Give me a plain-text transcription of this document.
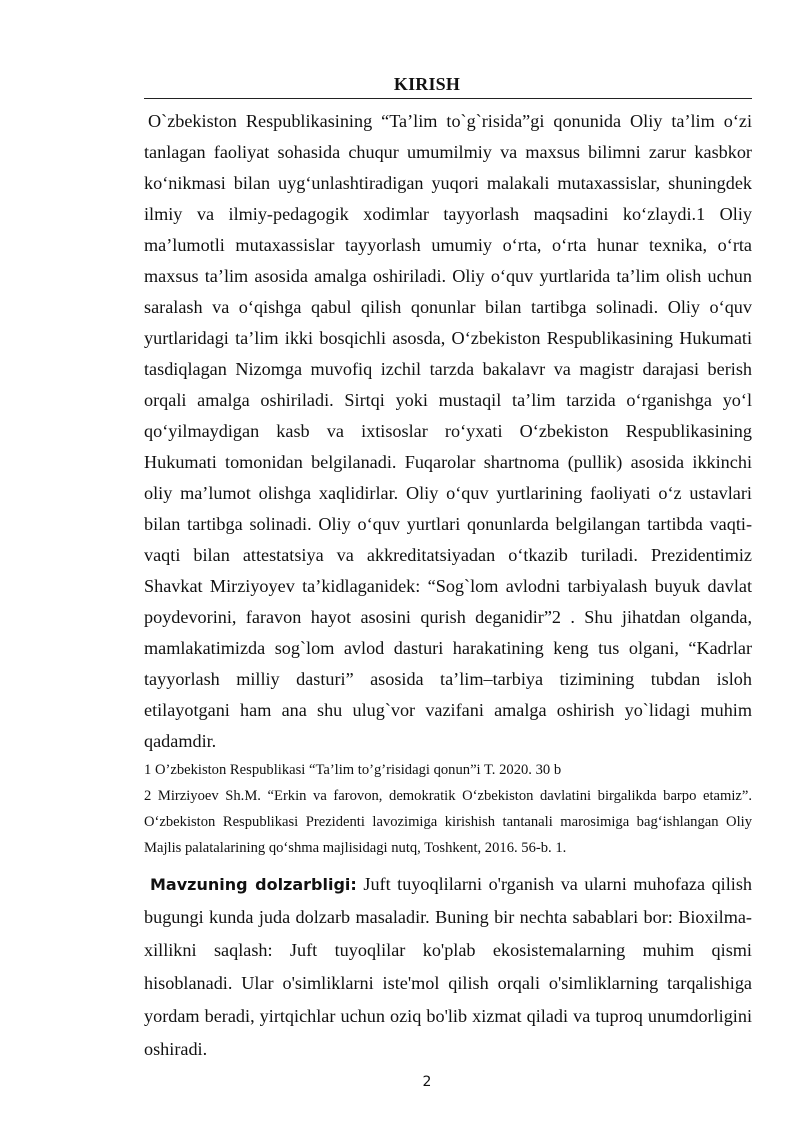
KIRISH

O`zbekiston Respublikasining “Ta’lim to`g`risida”gi qonunida Oliy ta’lim o‘zi tanlagan faoliyat sohasida chuqur umumilmiy va maxsus bilimni zarur kasbkor ko‘nikmasi bilan uyg‘unlashtiradigan yuqori malakali mutaxassislar, shuningdek ilmiy va ilmiy-pedagogik xodimlar tayyorlash maqsadini ko‘zlaydi.1 Oliy ma’lumotli mutaxassislar tayyorlash umumiy o‘rta, o‘rta hunar texnika, o‘rta maxsus ta’lim asosida amalga oshiriladi. Oliy o‘quv yurtlarida ta’lim olish uchun saralash va o‘qishga qabul qilish qonunlar bilan tartibga solinadi. Oliy o‘quv yurtlaridagi ta’lim ikki bosqichli asosda, O‘zbekiston Respublikasining Hukumati tasdiqlagan Nizomga muvofiq izchil tarzda bakalavr va magistr darajasi berish orqali amalga oshiriladi. Sirtqi yoki mustaqil ta’lim tarzida o‘rganishga yo‘l qo‘yilmaydigan kasb va ixtisoslar ro‘yxati O‘zbekiston Respublikasining Hukumati tomonidan belgilanadi. Fuqarolar shartnoma (pullik) asosida ikkinchi oliy ma’lumot olishga xaqlidirlar. Oliy o‘quv yurtlarining faoliyati o‘z ustavlari bilan tartibga solinadi. Oliy o‘quv yurtlari qonunlarda belgilangan tartibda vaqti-vaqti bilan attestatsiya va akkreditatsiyadan o‘tkazib turiladi. Prezidentimiz Shavkat Mirziyoyev ta’kidlaganidek: “Sog`lom avlodni tarbiyalash buyuk davlat poydevorini, faravon hayot asosini qurish deganidir”2 . Shu jihatdan olganda, mamlakatimizda sog`lom avlod dasturi harakatining keng tus olgani, “Kadrlar tayyorlash milliy dasturi” asosida ta’lim–tarbiya tizimining tubdan isloh etilayotgani ham ana shu ulug`vor vazifani amalga oshirish yo`lidagi muhim qadamdir.

1 O’zbekiston Respublikasi “Ta’lim to’g’risidagi qonun”i T. 2020. 30 b

2 Mirziyoev Sh.M. “Erkin va farovon, demokratik O‘zbekiston davlatini birgalikda barpo etamiz”. O‘zbekiston Respublikasi Prezidenti lavozimiga kirishish tantanali marosimiga bag‘ishlangan Oliy Majlis palatalarining qo‘shma majlisidagi nutq, Toshkent, 2016. 56-b. 1.

Mavzuning dolzarbligi: Juft tuyoqlilarni o'rganish va ularni muhofaza qilish bugungi kunda juda dolzarb masaladir. Buning bir nechta sabablari bor: Bioxilma-xillikni saqlash: Juft tuyoqlilar ko'plab ekosistemalarning muhim qismi hisoblanadi. Ular o'simliklarni iste'mol qilish orqali o'simliklarning tarqalishiga yordam beradi, yirtqichlar uchun oziq bo'lib xizmat qiladi va tuproq unumdorligini oshiradi.

2
